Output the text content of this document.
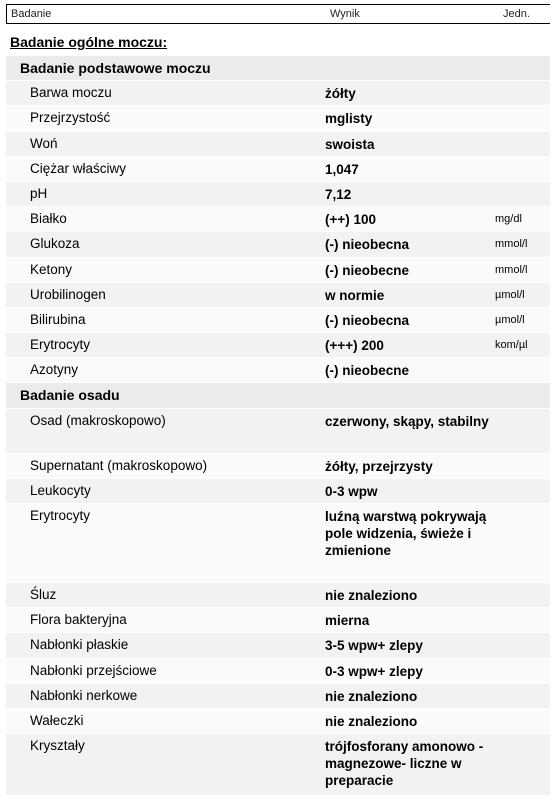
Badanie	Wynik	Jedn.
Badanie ogólne moczu:
Badanie podstawowe moczu
Barwa moczu	żółty
Przejrzystość	mglisty
Woń	swoista
Ciężar właściwy	1,047
pH	7,12
Białko	(++) 100	mg/dl
Glukoza	(-) nieobecna	mmol/l
Ketony	(-) nieobecne	mmol/l
Urobilinogen	w normie	µmol/l
Bilirubina	(-) nieobecna	µmol/l
Erytrocyty	(+++) 200	kom/µl
Azotyny	(-) nieobecne
Badanie osadu
Osad (makroskopowo)	czerwony, skąpy, stabilny
Supernatant (makroskopowo)	żółty, przejrzysty
Leukocyty	0-3 wpw
Erytrocyty	luźną warstwą pokrywają pole widzenia, świeże i zmienione
Śluz	nie znaleziono
Flora bakteryjna	mierna
Nabłonki płaskie	3-5 wpw+ zlepy
Nabłonki przejściowe	0-3 wpw+ zlepy
Nabłonki nerkowe	nie znaleziono
Wałeczki	nie znaleziono
Kryształy	trójfosforany amonowo -magnezowe- liczne w preparacie
